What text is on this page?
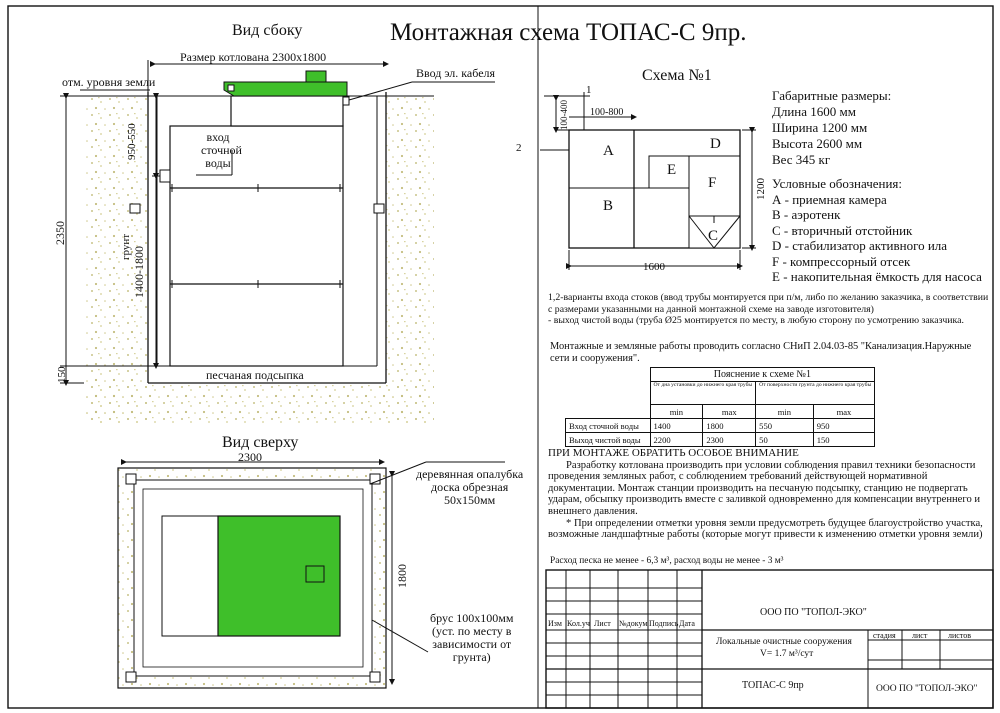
Монтажная схема ТОПАС-С 9пр.
Вид сбоку
Размер котлована 2300х1800
отм. уровня земли
Ввод эл. кабеля
вход сточной воды
950-550
2350
1400-1800
грунт
150	песчаная подсыпка
Вид сверху
2300
1800
деревянная опалубка
доска обрезная
50х150мм
брус 100х100мм
(уст. по месту в
зависимости от
грунта)
Схема №1
1
2
100-400 100-800
1600
1200
A
B
E
D
F
C
Габаритные размеры:
Длина 1600 мм
Ширина 1200 мм
Высота 2600 мм
Вес 345 кг
Условные обозначения:
А - приемная камера
В - аэротенк
С - вторичный отстойник
D - стабилизатор активного ила
F - компрессорный отсек
Е - накопительная ёмкость для насоса
1,2-варианты входа стоков (ввод трубы монтируется при п/м, либо по желанию заказчика, в соответствии с размерами указанными на данной монтажной схеме на заводе изготовителя)
- выход чистой воды (труба Ø25 монтируется по месту, в любую сторону по усмотрению заказчика.
Монтажные и земляные работы проводить согласно СНиП 2.04.03-85 "Канализация.Наружные сети и сооружения".
	Пояснение к схеме №1			
	От дна установки до нижнего края трубы		От поверхности грунта до нижнего края трубы	
	min	max	min	max
Вход сточной воды	1400	1800	550	950
Выход чистой воды	2200	2300	50	150
ПРИ МОНТАЖЕ ОБРАТИТЬ ОСОБОЕ ВНИМАНИЕ

Разработку котлована производить при условии соблюдения правил техники безопасности проведения земляных работ, с соблюдением требований действующей нормативной документации. Монтаж станции производить на песчаную подсыпку, станцию не подвергать ударам, обсыпку производить вместе с заливкой одновременно для компенсации внутреннего и внешнего давления.

* При определении отметки уровня земли предусмотреть будущее благоустройство участка, возможные ландшафтные работы (которые могут привести к изменению отметки уровня земли)

Расход песка не менее - 6,3 м³, расход воды не менее - 3 м³
ООО ПО "ТОПОЛ-ЭКО"
Изм Кол.уч Лист №докум Подпись Дата
Локальные очистные сооружения
V= 1.7 м³/сут
стадия лист	листов
ТОПАС-С 9пр	ООО ПО "ТОПОЛ-ЭКО"
